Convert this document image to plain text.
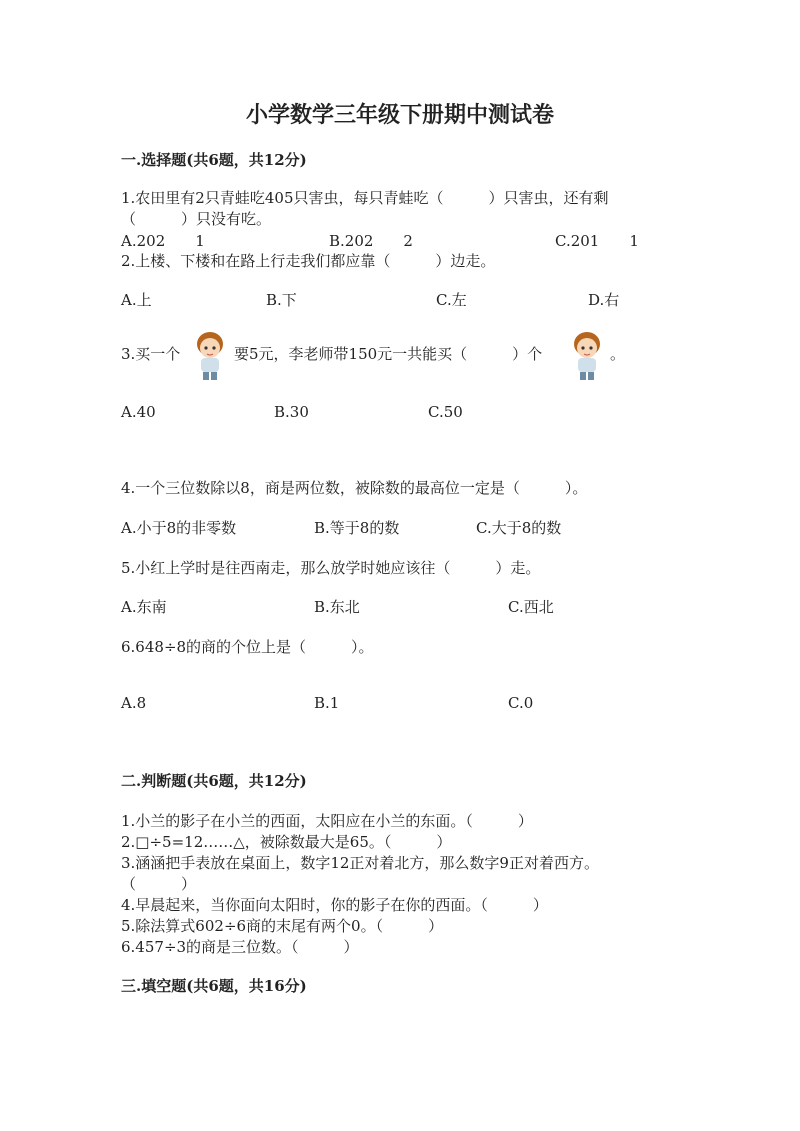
小学数学三年级下册期中测试卷
一.选择题(共6题，共12分)
1.农田里有2只青蛙吃405只害虫，每只青蛙吃（　　　）只害虫，还有剩
（　　　）只没有吃。
A.202　　1	B.202　　2	C.201　　1
2.上楼、下楼和在路上行走我们都应靠（　　　）边走。
A.上	B.下	C.左	D.右
3.买一个	要5元，李老师带150元一共能买（　　　）个	。
A.40	B.30	C.50
4.一个三位数除以8，商是两位数，被除数的最高位一定是（　　　）。
A.小于8的非零数	B.等于8的数	C.大于8的数
5.小红上学时是往西南走，那么放学时她应该往（　　　）走。
A.东南	B.东北	C.西北
6.648÷8的商的个位上是（　　　）。
A.8	B.1	C.0
二.判断题(共6题，共12分)
1.小兰的影子在小兰的西面，太阳应在小兰的东面。（　　　）
2.□÷5=12……△，被除数最大是65。（　　　）
3.涵涵把手表放在桌面上，数字12正对着北方，那么数字9正对着西方。
（　　　）
4.早晨起来，当你面向太阳时，你的影子在你的西面。（　　　）
5.除法算式602÷6商的末尾有两个0。（　　　）
6.457÷3的商是三位数。（　　　）
三.填空题(共6题，共16分)
